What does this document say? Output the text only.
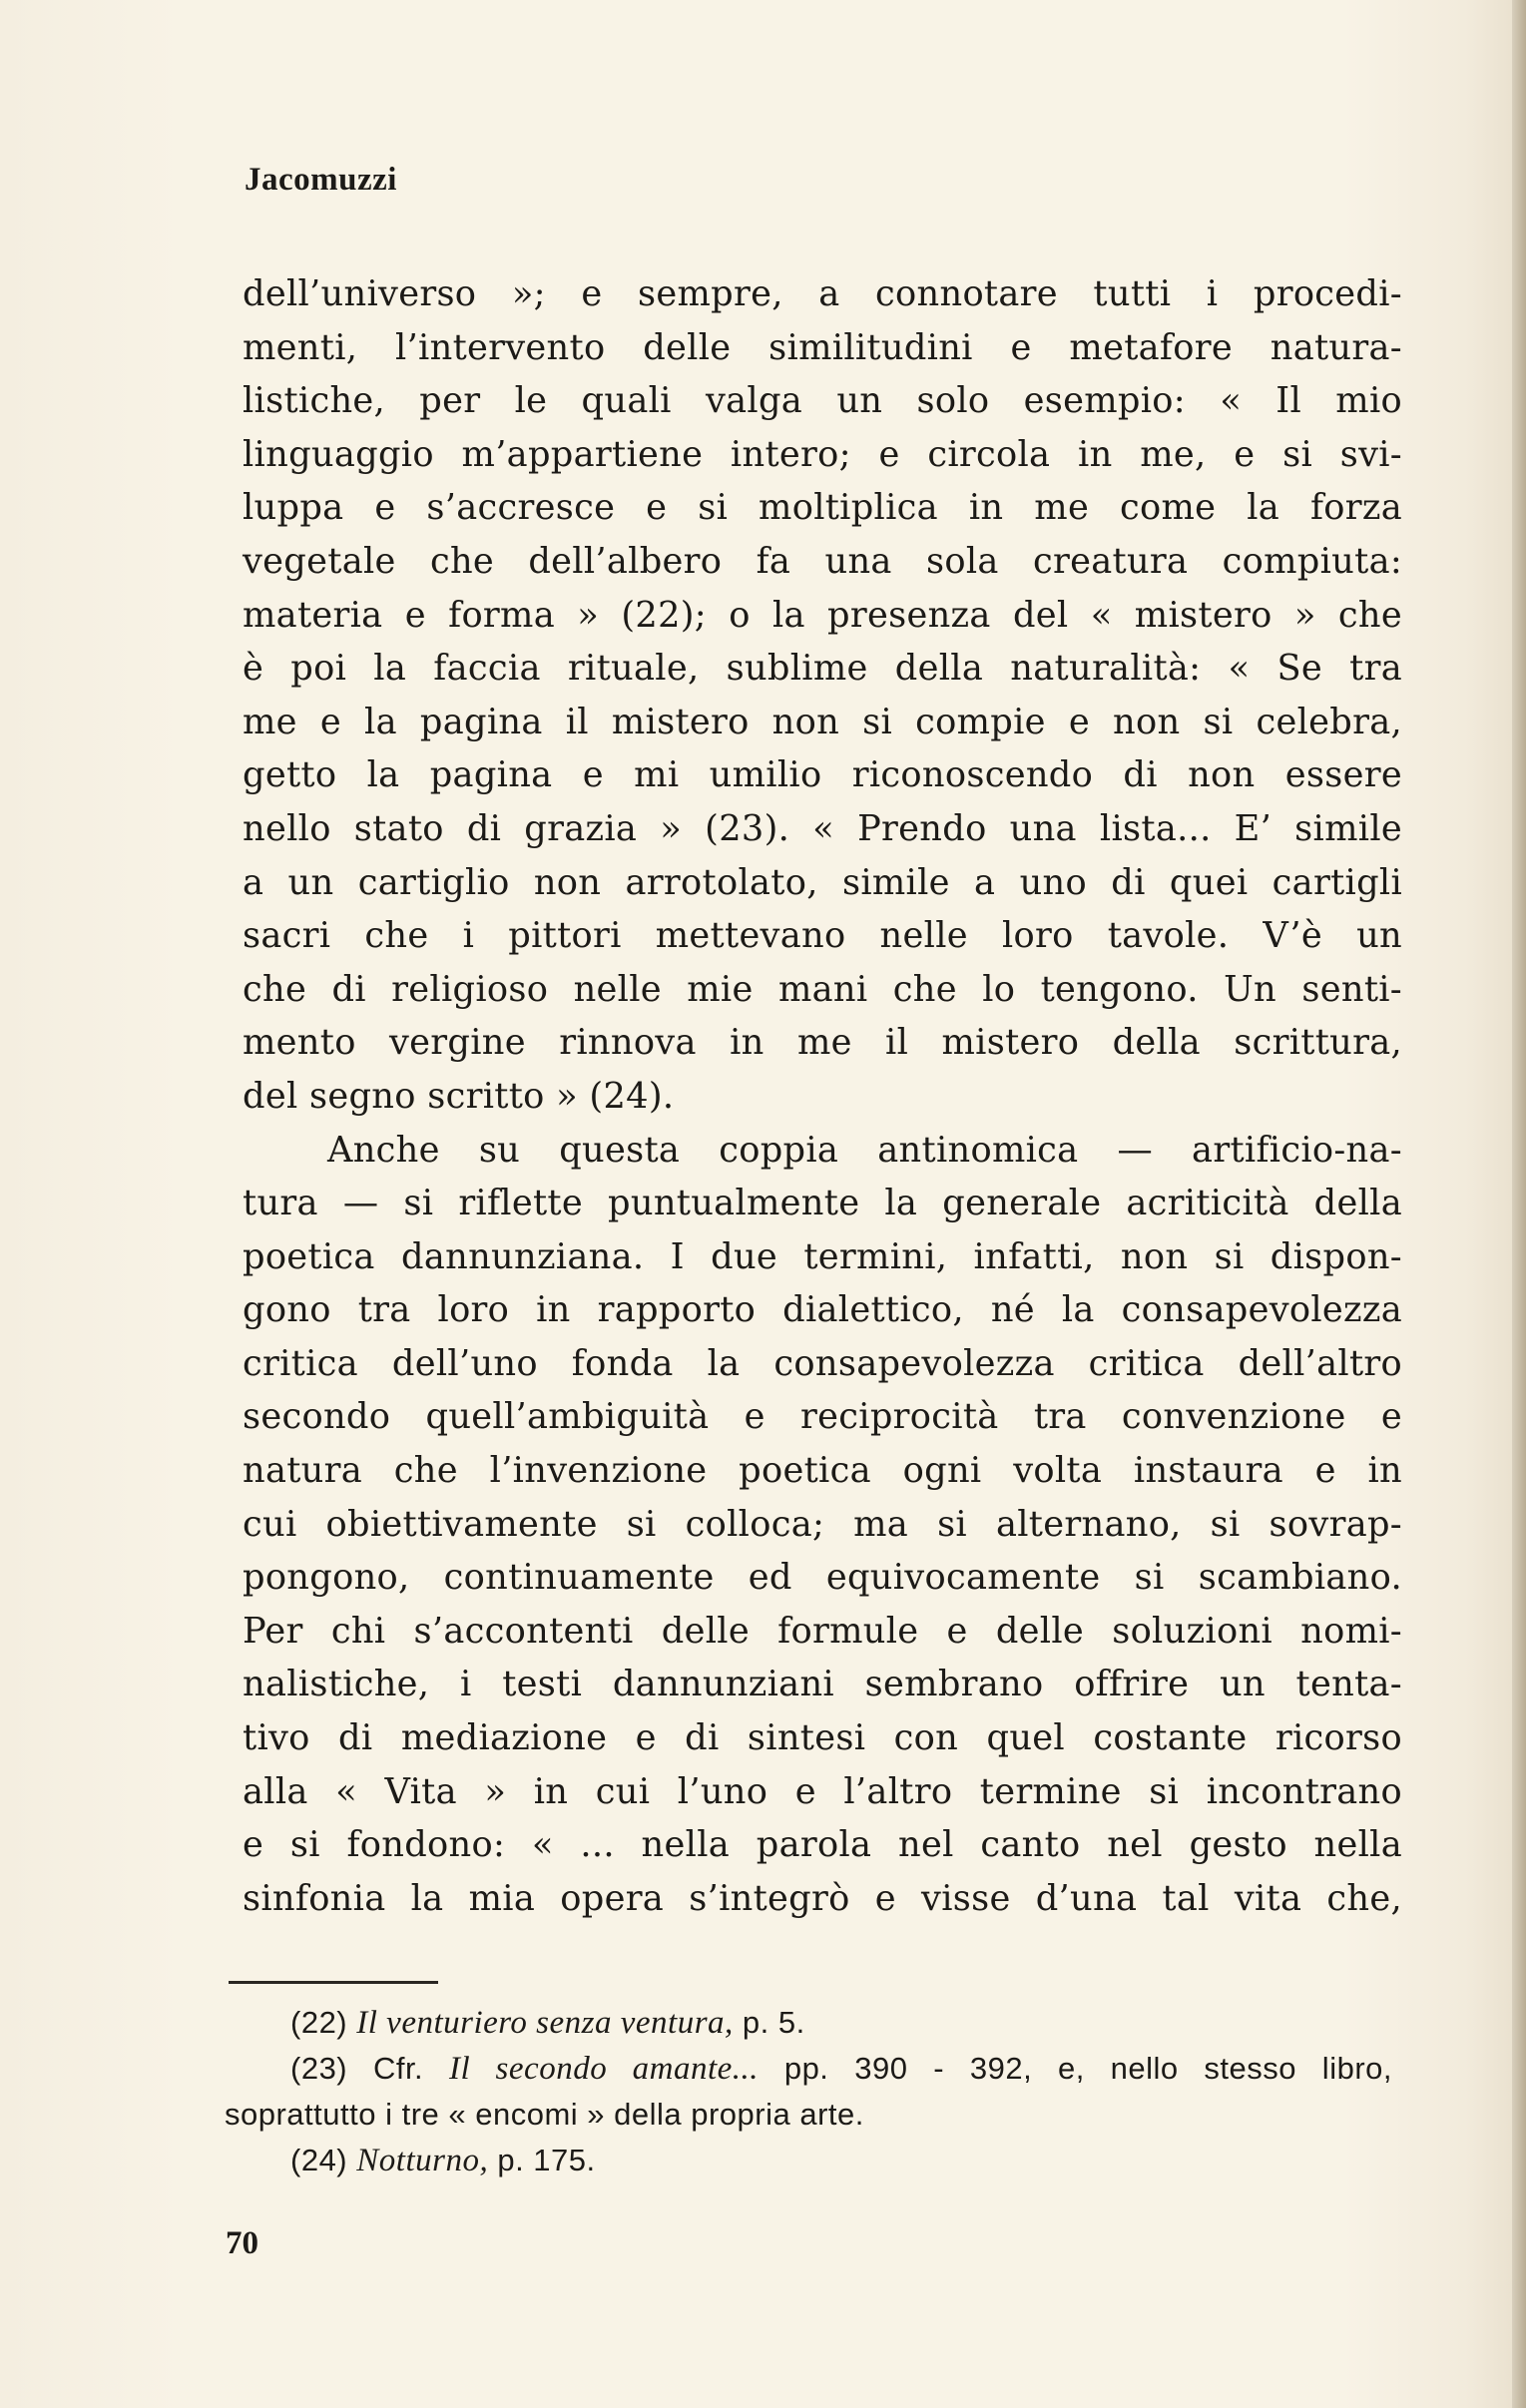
Jacomuzzi
dell’universo »; e sempre, a connotare tutti i procedi-
menti, l’intervento delle similitudini e metafore natura-
listiche, per le quali valga un solo esempio: « Il mio
linguaggio m’appartiene intero; e circola in me, e si svi-
luppa e s’accresce e si moltiplica in me come la forza
vegetale che dell’albero fa una sola creatura compiuta:
materia e forma » (22); o la presenza del « mistero » che
è poi la faccia rituale, sublime della naturalità: « Se tra
me e la pagina il mistero non si compie e non si celebra,
getto la pagina e mi umilio riconoscendo di non essere
nello stato di grazia » (23). « Prendo una lista... E’ simile
a un cartiglio non arrotolato, simile a uno di quei cartigli
sacri che i pittori mettevano nelle loro tavole. V’è un
che di religioso nelle mie mani che lo tengono. Un senti-
mento vergine rinnova in me il mistero della scrittura,
del segno scritto » (24).
Anche su questa coppia antinomica — artificio-na-
tura — si riflette puntualmente la generale acriticità della
poetica dannunziana. I due termini, infatti, non si dispon-
gono tra loro in rapporto dialettico, né la consapevolezza
critica dell’uno fonda la consapevolezza critica dell’altro
secondo quell’ambiguità e reciprocità tra convenzione e
natura che l’invenzione poetica ogni volta instaura e in
cui obiettivamente si colloca; ma si alternano, si sovrap-
pongono, continuamente ed equivocamente si scambiano.
Per chi s’accontenti delle formule e delle soluzioni nomi-
nalistiche, i testi dannunziani sembrano offrire un tenta-
tivo di mediazione e di sintesi con quel costante ricorso
alla « Vita » in cui l’uno e l’altro termine si incontrano
e si fondono: « ... nella parola nel canto nel gesto nella
sinfonia la mia opera s’integrò e visse d’una tal vita che,
(22) Il venturiero senza ventura, p. 5.
(23) Cfr. Il secondo amante... pp. 390 - 392, e, nello stesso libro,
soprattutto i tre « encomi » della propria arte.
(24) Notturno, p. 175.
70
